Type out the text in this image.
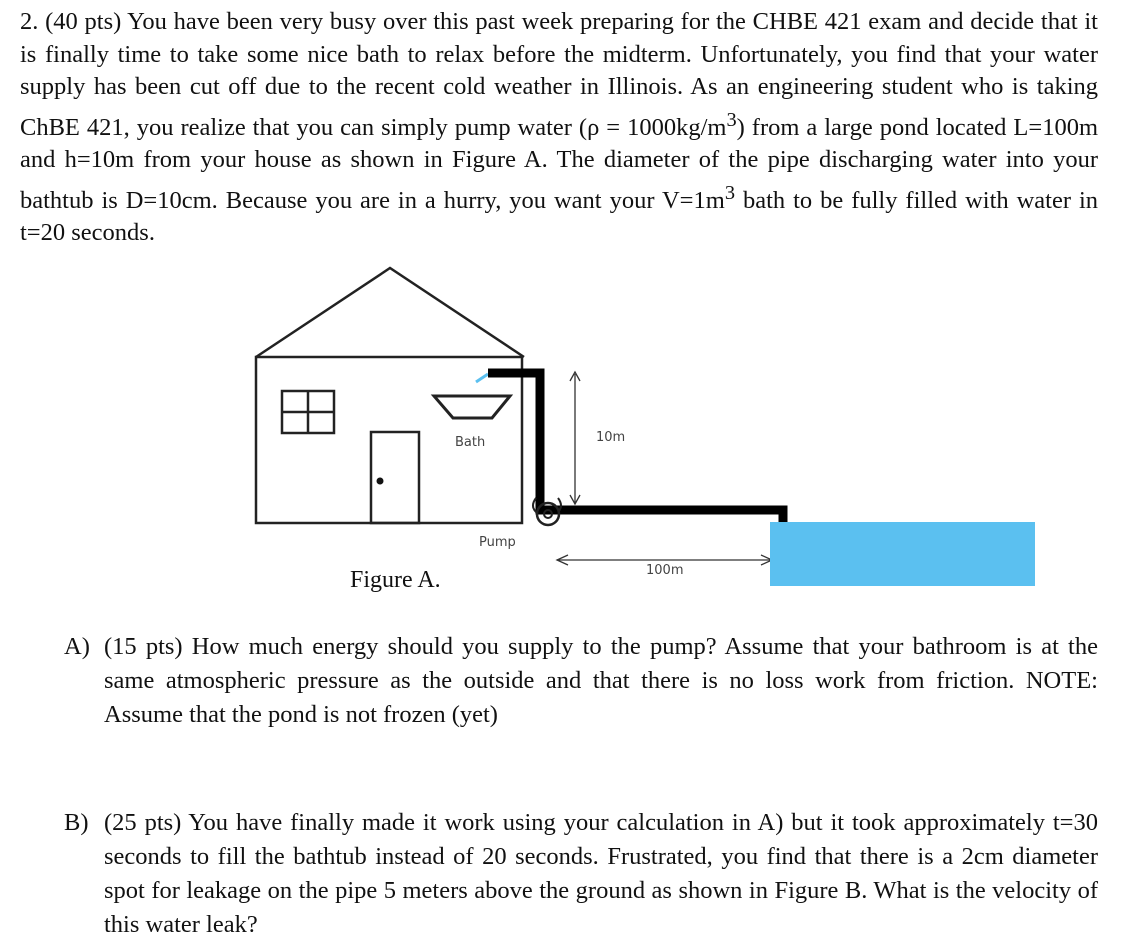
2. (40 pts) You have been very busy over this past week preparing for the CHBE 421 exam and decide that it is finally time to take some nice bath to relax before the midterm. Unfortunately, you find that your water supply has been cut off due to the recent cold weather in Illinois. As an engineering student who is taking ChBE 421, you realize that you can simply pump water $(\rho = 1000kg/m^3)$ from a large pond located L=100m and h=10m from your house as shown in Figure A. The diameter of the pipe discharging water into your bathtub is D=10cm. Because you are in a hurry, you want your $V=1m^3$ bath to be fully filled with water in t=20 seconds.
Bath
Pump
10m
100m
Figure A.
A) (15 pts) How much energy should you supply to the pump? Assume that your bathroom is at the same atmospheric pressure as the outside and that there is no loss work from friction. NOTE: Assume that the pond is not frozen (yet)
B) (25 pts) You have finally made it work using your calculation in A) but it took approximately t=30 seconds to fill the bathtub instead of 20 seconds. Frustrated, you find that there is a 2cm diameter spot for leakage on the pipe 5 meters above the ground as shown in Figure B. What is the velocity of this water leak?
